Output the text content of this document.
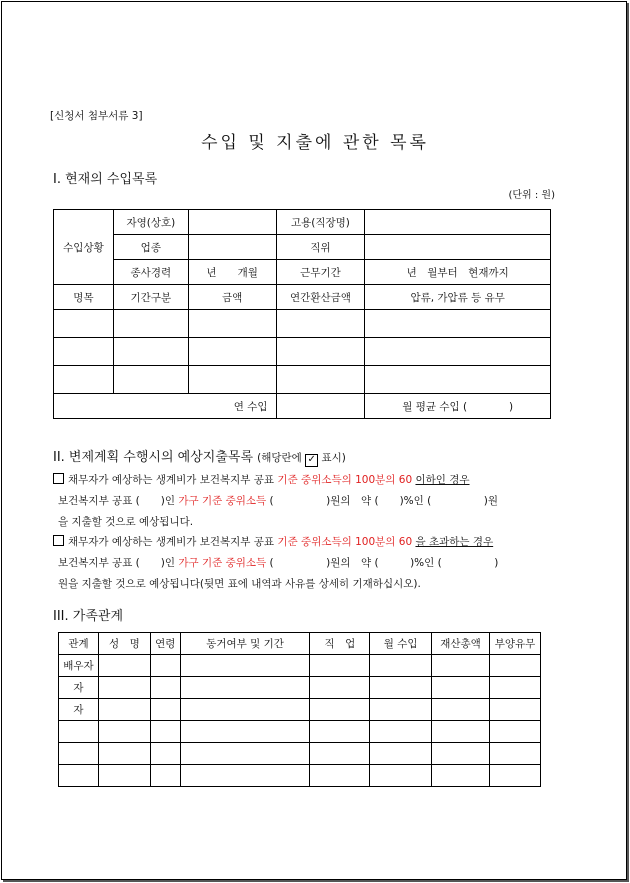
[신청서 첨부서류 3]
수입 및 지출에 관한 목록
I. 현재의 수입목록
(단위 : 원)
수입상황	자영(상호)		고용(직장명)	
	업종		직위	
	종사경력	년　　개월	근무기간	년　월부터　현재까지
명목	기간구분	금액	연간환산금액	압류, 가압류 등 유무

연 수입				월 평균 수입 (　　　　)
II. 변제계획 수행시의 예상지출목록 (해당란에 ✓ 표시)
채무자가 예상하는 생계비가 보건복지부 공표 기준 중위소득의 100분의 60 이하인 경우
보건복지부 공표 (　　)인 가구 기준 중위소득 (　　　　　)원의　약 (　　)%인 (　　　　　)원
을 지출할 것으로 예상됩니다.
채무자가 예상하는 생계비가 보건복지부 공표 기준 중위소득의 100분의 60 을 초과하는 경우
보건복지부 공표 (　　)인 가구 기준 중위소득 (　　　　　)원의　약 (　　　)%인 (　　　　　)
원을 지출할 것으로 예상됩니다(뒷면 표에 내역과 사유를 상세히 기재하십시오).
III. 가족관계
관계	성　명	연령	동거여부 및 기간	직　업	월 수입	재산총액	부양유무
배우자							
자							
자							
